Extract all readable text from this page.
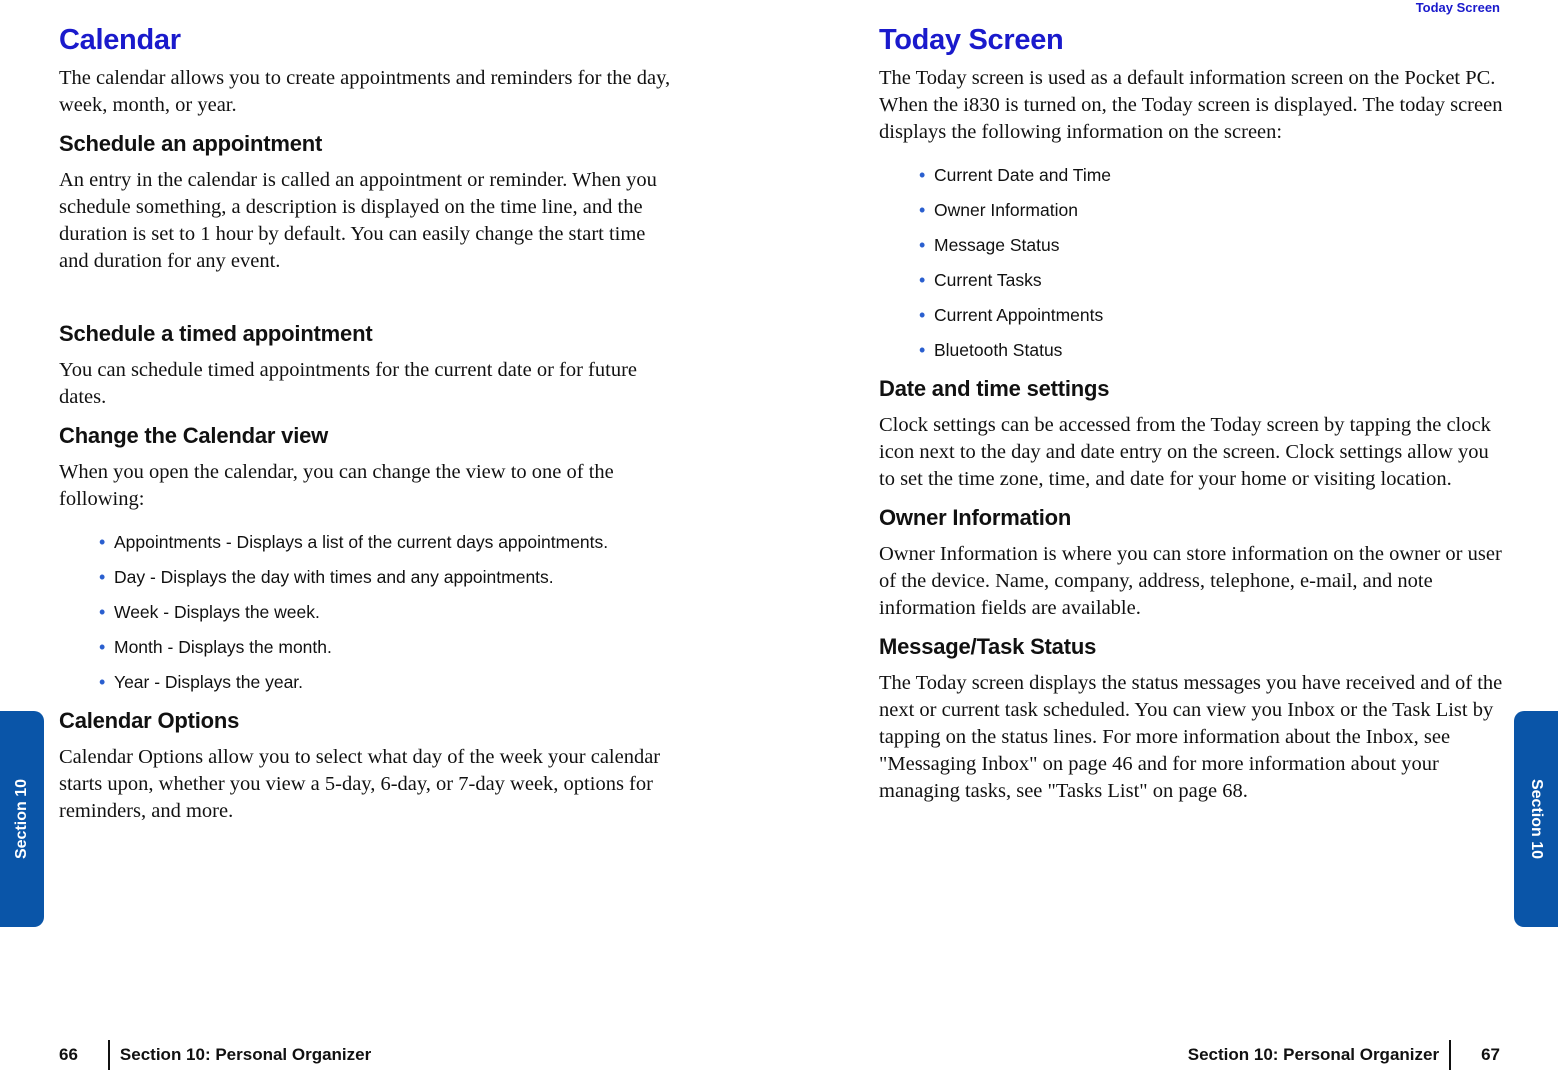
Calendar

The calendar allows you to create appointments and reminders for the day, week, month, or year.

Schedule an appointment

An entry in the calendar is called an appointment or reminder. When you schedule something, a description is displayed on the time line, and the duration is set to 1 hour by default. You can easily change the start time and duration for any event.

Schedule a timed appointment

You can schedule timed appointments for the current date or for future dates.

Change the Calendar view

When you open the calendar, you can change the view to one of the following:

• Appointments - Displays a list of the current days appointments.
• Day - Displays the day with times and any appointments.
• Week - Displays the week.
• Month - Displays the month.
• Year - Displays the year.
Calendar Options

Calendar Options allow you to select what day of the week your calendar starts upon, whether you view a 5-day, 6-day, or 7-day week, options for reminders, and more.

Section 10
66 Section 10: Personal Organizer
Today Screen
Today Screen

The Today screen is used as a default information screen on the Pocket PC. When the i830 is turned on, the Today screen is displayed. The today screen displays the following information on the screen:

• Current Date and Time
• Owner Information
• Message Status
• Current Tasks
• Current Appointments
• Bluetooth Status
Date and time settings

Clock settings can be accessed from the Today screen by tapping the clock icon next to the day and date entry on the screen. Clock settings allow you to set the time zone, time, and date for your home or visiting location.

Owner Information

Owner Information is where you can store information on the owner or user of the device. Name, company, address, telephone, e-mail, and note information fields are available.

Message/Task Status

The Today screen displays the status messages you have received and of the next or current task scheduled. You can view you Inbox or the Task List by tapping on the status lines. For more information about the Inbox, see "Messaging Inbox" on page 46 and for more information about your managing tasks, see "Tasks List" on page 68.	Section 10
Section 10: Personal Organizer 67
